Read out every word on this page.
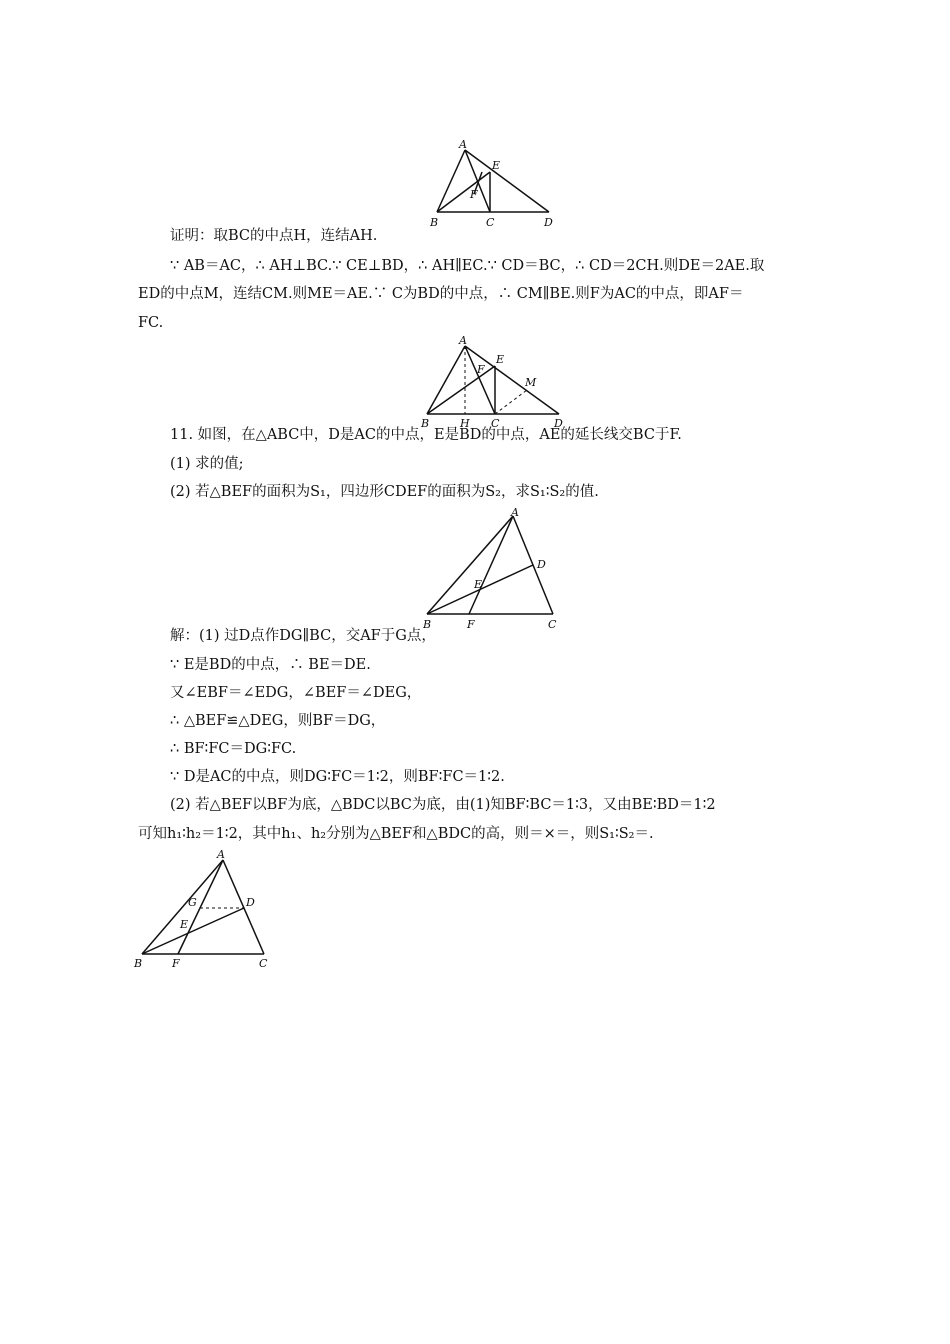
A
E
F
B	C	D
证明：取BC的中点H，连结AH.
∵ AB＝AC，∴ AH⊥BC.∵ CE⊥BD，∴ AH∥EC.∵ CD＝BC，∴ CD＝2CH.则DE＝2AE.取
ED的中点M，连结CM.则ME＝AE.∵ C为BD的中点，∴ CM∥BE.则F为AC的中点，即AF＝
FC.
A
E
F
M
B	H C	D
11. 如图，在△ABC中，D是AC的中点，E是BD的中点，AE的延长线交BC于F.
(1) 求的值;
(2) 若△BEF的面积为S₁，四边形CDEF的面积为S₂，求S₁∶S₂的值.
A
D
E
B	F	C
解：(1) 过D点作DG∥BC，交AF于G点，
∵ E是BD的中点，∴ BE＝DE.
又∠EBF＝∠EDG，∠BEF＝∠DEG，
∴ △BEF≌△DEG，则BF＝DG，
∴ BF∶FC＝DG∶FC.
∵ D是AC的中点，则DG∶FC＝1∶2，则BF∶FC＝1∶2.
(2) 若△BEF以BF为底，△BDC以BC为底，由(1)知BF∶BC＝1∶3，又由BE∶BD＝1∶2
可知h₁∶h₂＝1∶2，其中h₁、h₂分别为△BEF和△BDC的高，则＝×＝，则S₁∶S₂＝.
A
G	D
E
B	F	C
